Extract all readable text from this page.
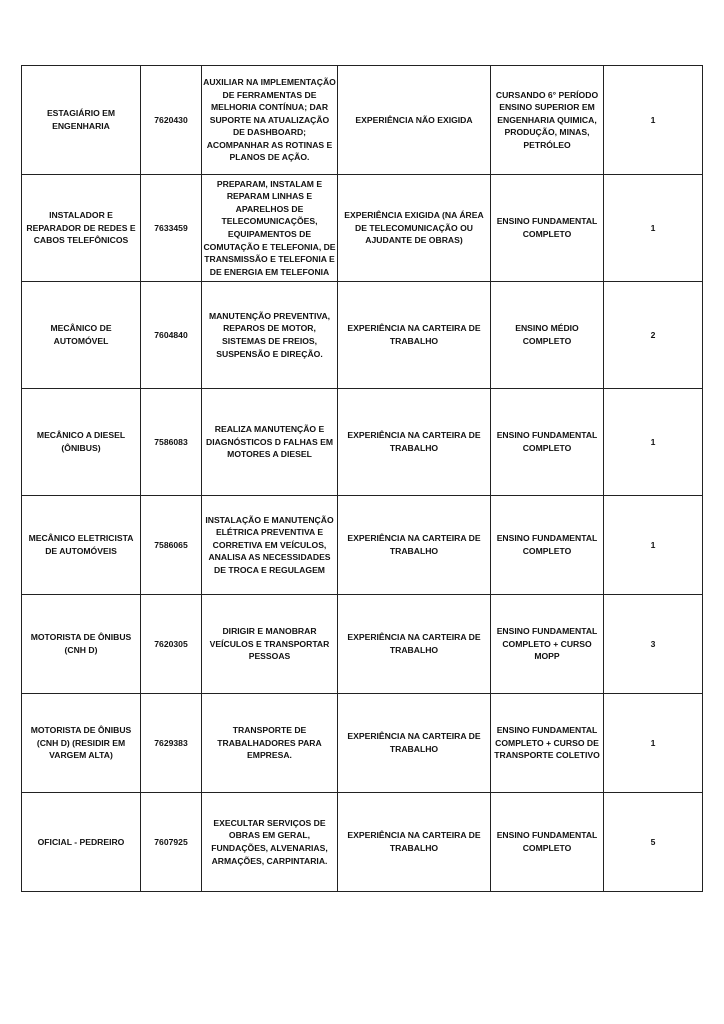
ESTAGIÁRIO EM ENGENHARIA	7620430	AUXILIAR NA IMPLEMENTAÇÃO DE FERRAMENTAS DE MELHORIA CONTÍNUA; DAR SUPORTE NA ATUALIZAÇÃO DE DASHBOARD; ACOMPANHAR AS ROTINAS E PLANOS DE AÇÃO.	EXPERIÊNCIA NÃO EXIGIDA	CURSANDO 6° PERÍODO ENSINO SUPERIOR EM ENGENHARIA QUIMICA, PRODUÇÃO, MINAS, PETRÓLEO	1
INSTALADOR E REPARADOR DE REDES E CABOS TELEFÔNICOS	7633459	PREPARAM, INSTALAM E REPARAM LINHAS E APARELHOS DE TELECOMUNICAÇÕES, EQUIPAMENTOS DE COMUTAÇÃO E TELEFONIA, DE TRANSMISSÃO E TELEFONIA E DE ENERGIA EM TELEFONIA	EXPERIÊNCIA EXIGIDA (NA ÁREA DE TELECOMUNICAÇÃO OU AJUDANTE DE OBRAS)	ENSINO FUNDAMENTAL COMPLETO	1
MECÂNICO DE AUTOMÓVEL	7604840	MANUTENÇÃO PREVENTIVA, REPAROS DE MOTOR, SISTEMAS DE FREIOS, SUSPENSÃO E DIREÇÃO.	EXPERIÊNCIA NA CARTEIRA DE TRABALHO	ENSINO MÉDIO COMPLETO	2
MECÂNICO A DIESEL (ÔNIBUS)	7586083	REALIZA MANUTENÇÃO E DIAGNÓSTICOS D FALHAS EM MOTORES A DIESEL	EXPERIÊNCIA NA CARTEIRA DE TRABALHO	ENSINO FUNDAMENTAL COMPLETO	1
MECÂNICO ELETRICISTA DE AUTOMÓVEIS	7586065	INSTALAÇÃO E MANUTENÇÃO ELÉTRICA PREVENTIVA E CORRETIVA EM VEÍCULOS, ANALISA AS NECESSIDADES DE TROCA E REGULAGEM	EXPERIÊNCIA NA CARTEIRA DE TRABALHO	ENSINO FUNDAMENTAL COMPLETO	1
MOTORISTA DE ÔNIBUS (CNH D)	7620305	DIRIGIR E MANOBRAR VEÍCULOS E TRANSPORTAR PESSOAS	EXPERIÊNCIA NA CARTEIRA DE TRABALHO	ENSINO FUNDAMENTAL COMPLETO + CURSO MOPP	3
MOTORISTA DE ÔNIBUS (CNH D) (RESIDIR EM VARGEM ALTA)	7629383	TRANSPORTE DE TRABALHADORES PARA EMPRESA.	EXPERIÊNCIA NA CARTEIRA DE TRABALHO	ENSINO FUNDAMENTAL COMPLETO + CURSO DE TRANSPORTE COLETIVO	1
OFICIAL - PEDREIRO	7607925	EXECULTAR SERVIÇOS DE OBRAS EM GERAL, FUNDAÇÕES, ALVENARIAS, ARMAÇÕES, CARPINTARIA.	EXPERIÊNCIA NA CARTEIRA DE TRABALHO	ENSINO FUNDAMENTAL COMPLETO	5
